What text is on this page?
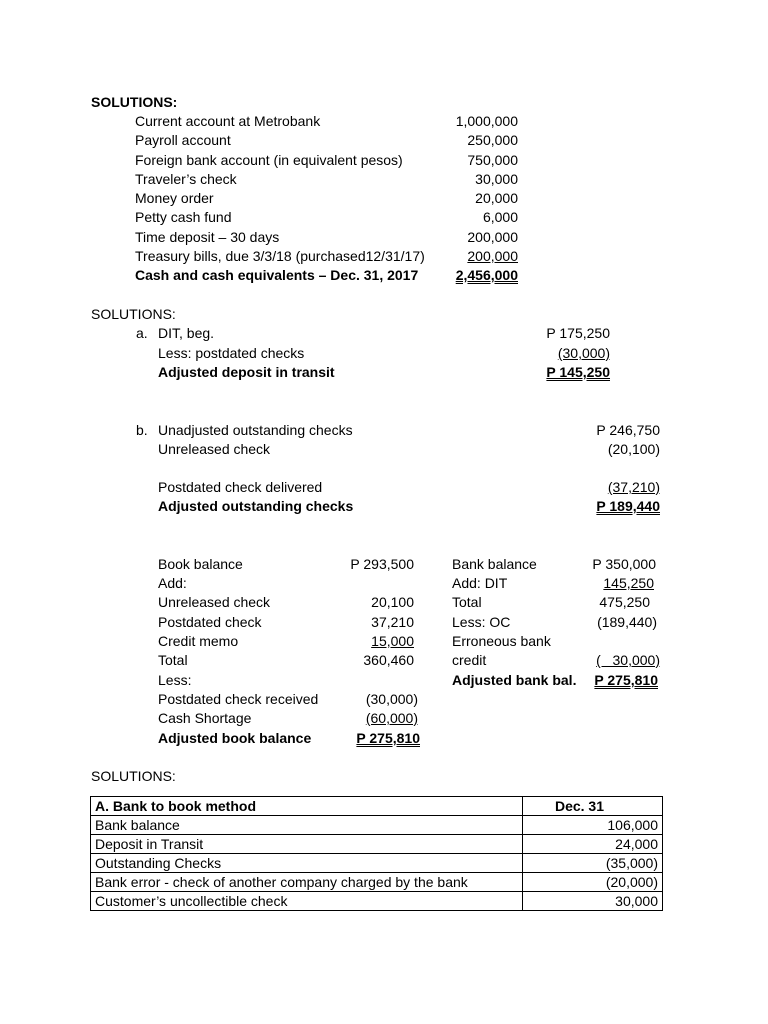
SOLUTIONS:
Current account at Metrobank	1,000,000
Payroll account	250,000
Foreign bank account (in equivalent pesos)	750,000
Traveler’s check	30,000
Money order	20,000
Petty cash fund	6,000
Time deposit – 30 days	200,000
Treasury bills, due 3/3/18 (purchased12/31/17)	200,000
Cash and cash equivalents – Dec. 31, 2017	2,456,000
SOLUTIONS:
a. DIT, beg.	P 175,250
Less: postdated checks	(30,000)
Adjusted deposit in transit	P 145,250
b. Unadjusted outstanding checks	P 246,750
Unreleased check	(20,100)
Postdated check delivered	(37,210)
Adjusted outstanding checks	P 189,440
Book balance	P 293,500
Add:
Unreleased check	20,100
Postdated check	37,210
Credit memo	15,000
Total	360,460
Less:
Postdated check received	(30,000)
Cash Shortage	(60,000)
Adjusted book balance	P 275,810
Bank balance	P 350,000
Add: DIT	145,250
Total	475,250
Less: OC	(189,440)
Erroneous bank
credit	(   30,000)
Adjusted bank bal.	P 275,810
SOLUTIONS:
A. Bank to book method	Dec. 31
Bank balance	106,000
Deposit in Transit	24,000
Outstanding Checks	(35,000)
Bank error - check of another company charged by the bank	(20,000)
Customer’s uncollectible check	30,000
